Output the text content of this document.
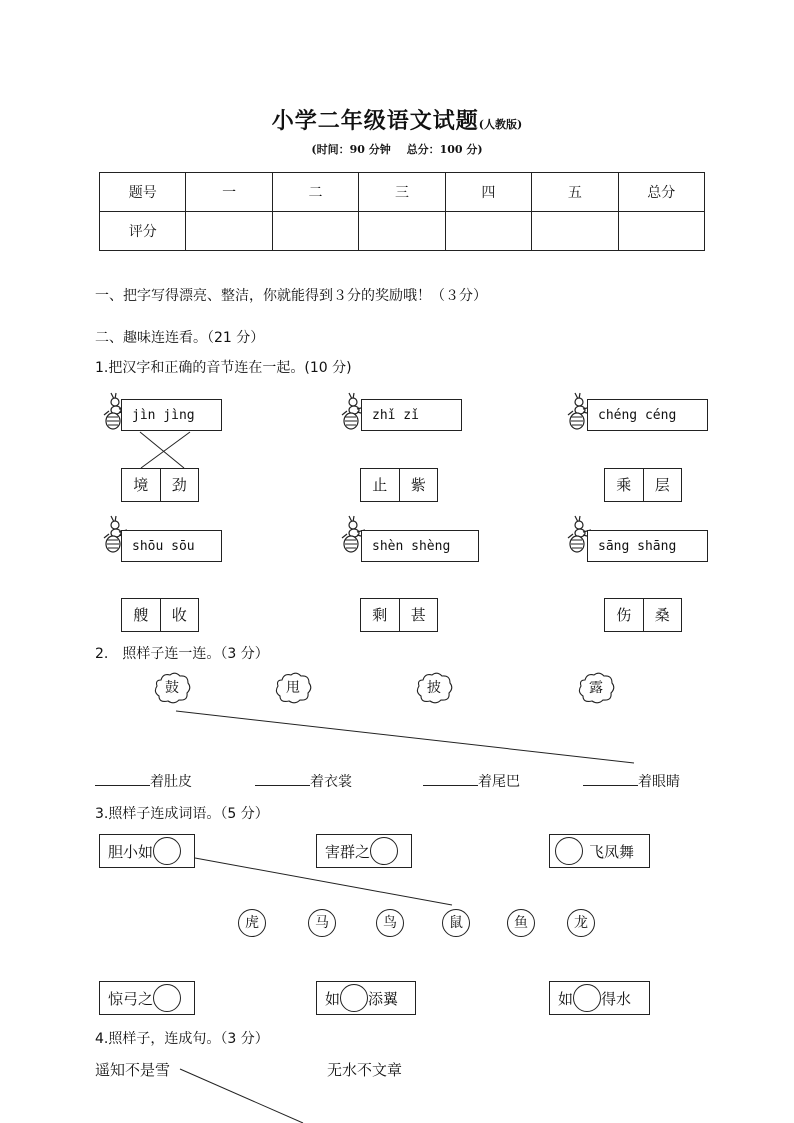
小学二年级语文试题(人教版)
(时间：90 分钟 总分：100 分)
题号	一	二	三	四	五	总分
评分						
一、把字写得漂亮、整洁，你就能得到３分的奖励哦！（３分）
二、趣味连连看。（21 分）
1.把汉字和正确的音节连在一起。(10 分)
jìn jìng	zhǐ zǐ	chéng céng
shōu sōu	shèn shèng	sāng shāng
境	劲	止	紫	乘	层
艘	收	剩	甚	伤	桑
2.　照样子连一连。（3 分）
鼓	甩	披	露
着肚皮	着衣裳	着尾巴	着眼睛
3.照样子连成词语。（5 分）
胆小如	害群之	飞凤舞
虎	马	鸟	鼠	鱼	龙
惊弓之	如 添翼	如 得水
4.照样子，连成句。（3 分）
遥知不是雪	无水不文章
